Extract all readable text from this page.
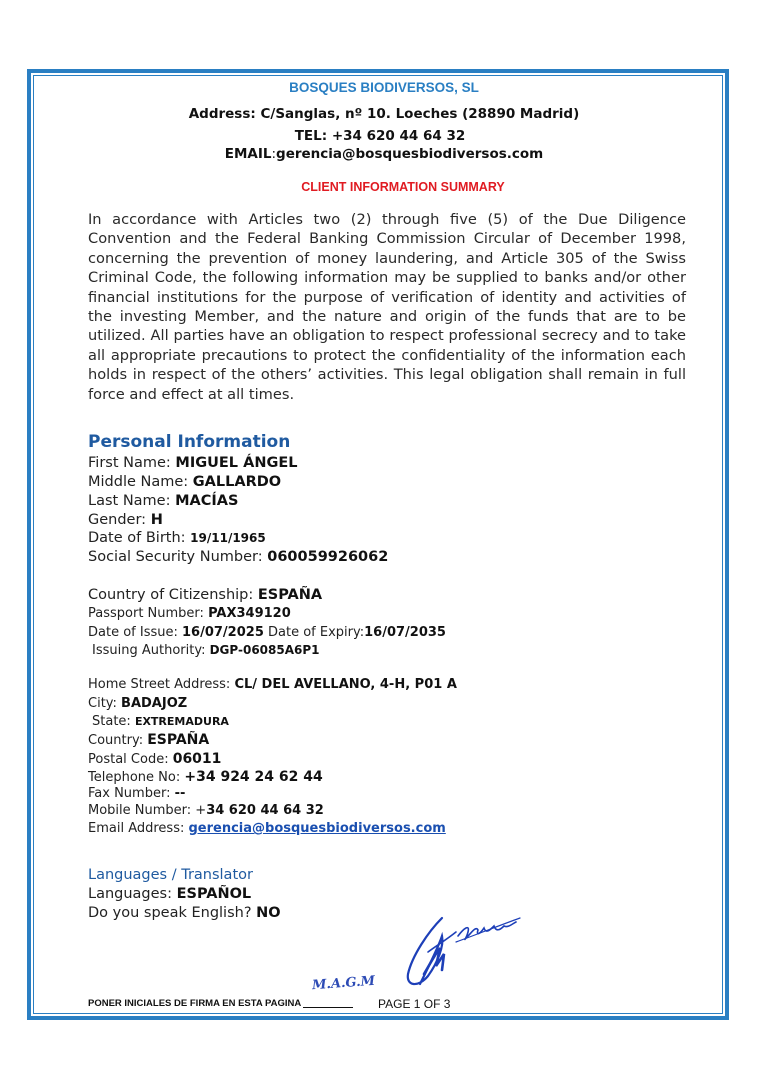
BOSQUES BIODIVERSOS, SL
Address: C/Sanglas, nº 10. Loeches (28890 Madrid)
TEL: +34 620 44 64 32
EMAIL:gerencia@bosquesbiodiversos.com
CLIENT INFORMATION SUMMARY
In accordance with Articles two (2) through five (5) of the Due Diligence Convention and the Federal Banking Commission Circular of December 1998, concerning the prevention of money laundering, and Article 305 of the Swiss Criminal Code, the following information may be supplied to banks and/or other financial institutions for the purpose of verification of identity and activities of the investing Member, and the nature and origin of the funds that are to be utilized. All parties have an obligation to respect professional secrecy and to take all appropriate precautions to protect the confidentiality of the information each holds in respect of the others’ activities. This legal obligation shall remain in full force and effect at all times.
Personal Information
First Name: MIGUEL ÁNGEL
Middle Name: GALLARDO
Last Name: MACÍAS
Gender: H
Date of Birth: 19/11/1965
Social Security Number: 060059926062
Country of Citizenship: ESPAÑA
Passport Number: PAX349120
Date of Issue: 16/07/2025 Date of Expiry:16/07/2035
Issuing Authority: DGP-06085A6P1
Home Street Address: CL/ DEL AVELLANO, 4-H, P01 A
City: BADAJOZ
State: EXTREMADURA
Country: ESPAÑA
Postal Code: 06011
Telephone No: +34 924 24 62 44
Fax Number: --
Mobile Number: +34 620 44 64 32
Email Address: gerencia@bosquesbiodiversos.com
Languages / Translator
Languages: ESPAÑOL
Do you speak English? NO
M.A.G.M
PONER INICIALES DE FIRMA EN ESTA PAGINA	PAGE 1 OF 3
